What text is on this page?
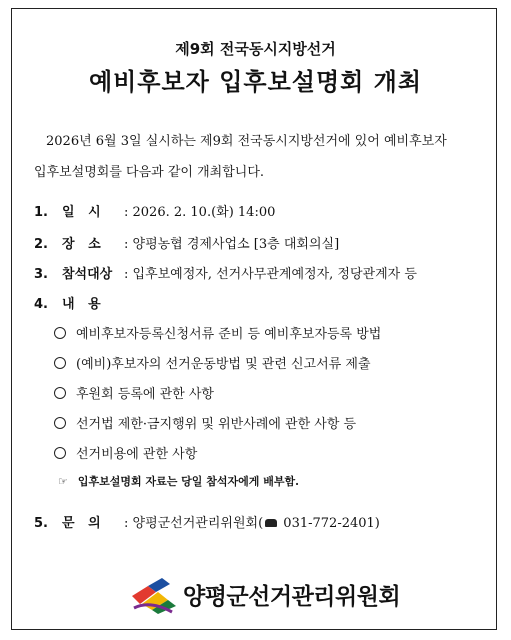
제9회 전국동시지방선거
예비후보자 입후보설명회 개최
2026년 6월 3일 실시하는 제9회 전국동시지방선거에 있어 예비후보자
입후보설명회를 다음과 같이 개최합니다.
1. 일   시 : 2026. 2. 10.(화) 14:00
2. 장   소 : 양평농협 경제사업소 [3층 대회의실]
3. 참석대상 : 입후보예정자, 선거사무관계예정자, 정당관계자 등
4. 내   용
예비후보자등록신청서류 준비 등 예비후보자등록 방법
(예비)후보자의 선거운동방법 및 관련 신고서류 제출
후원회 등록에 관한 사항
선거법 제한·금지행위 및 위반사례에 관한 사항 등
선거비용에 관한 사항
☞ 입후보설명회 자료는 당일 참석자에게 배부함.
5. 문   의 : 양평군선거관리위원회( 031-772-2401)
양평군선거관리위원회
